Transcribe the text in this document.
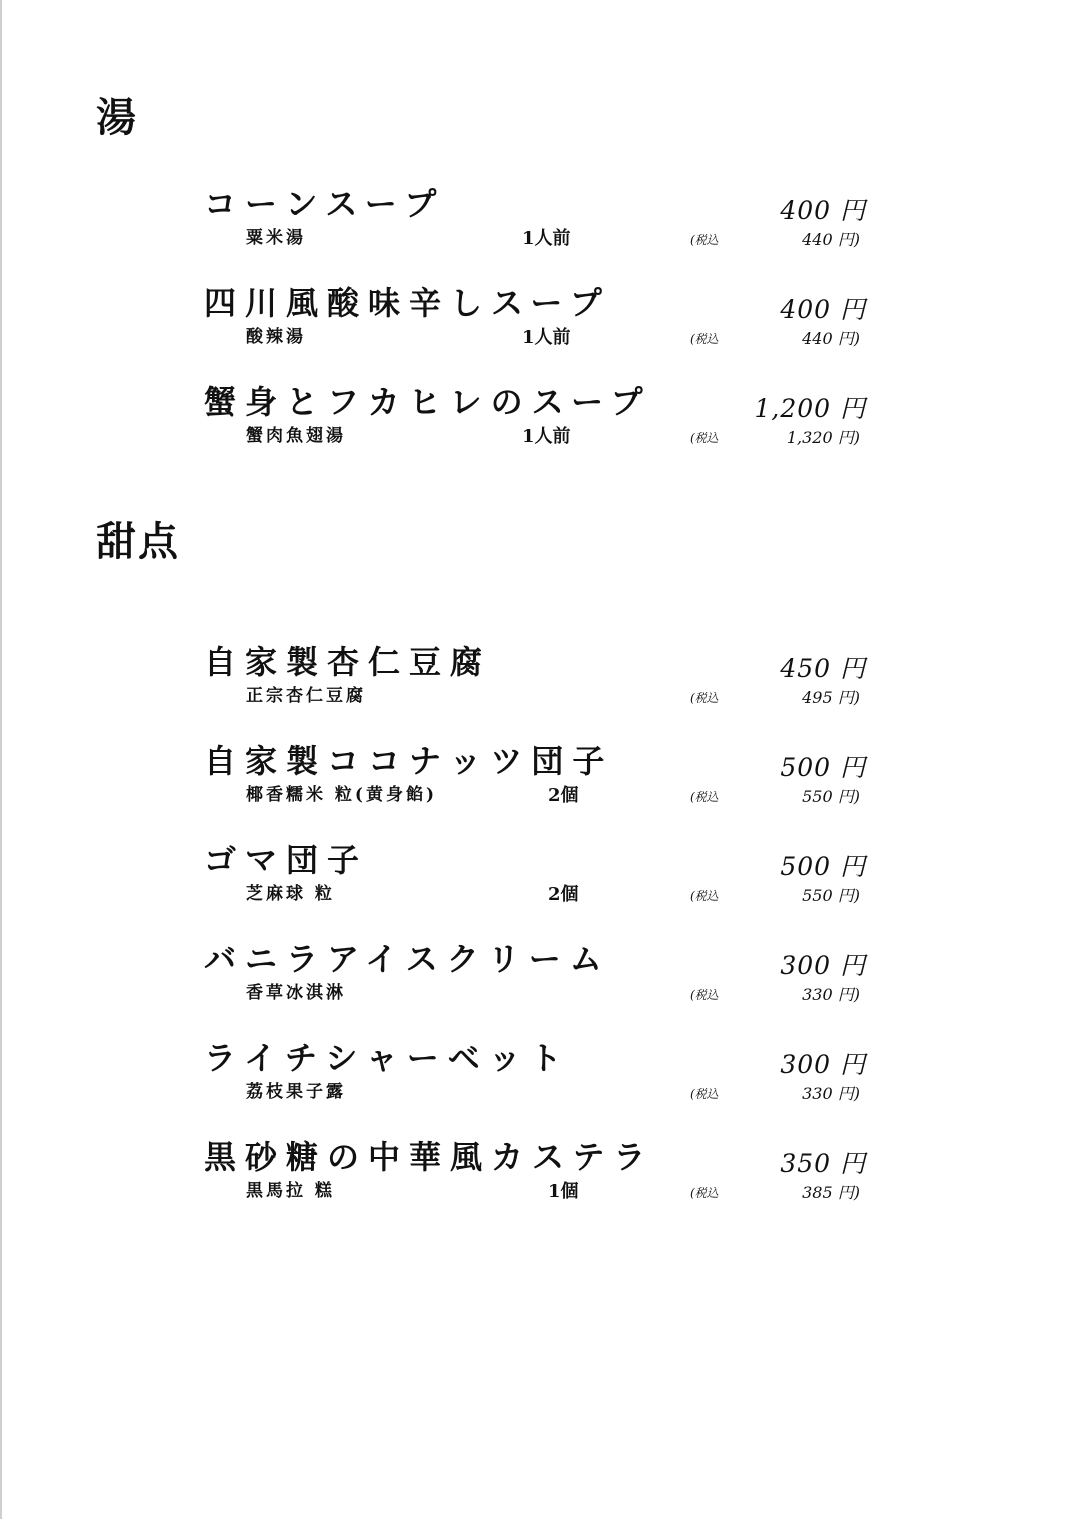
湯
コーンスープ	400 円
粟米湯	1人前	(税込	440 円)
四川風酸味辛しスープ	400 円
酸辣湯	1人前	(税込	440 円)
蟹身とフカヒレのスープ	1,200 円
蟹肉魚翅湯	1人前	(税込	1,320 円)
甜点
自家製杏仁豆腐	450 円
正宗杏仁豆腐	(税込	495 円)
自家製ココナッツ団子	500 円
椰香糯米 粒(黄身餡)	2個	(税込	550 円)
ゴマ団子	500 円
芝麻球 粒	2個	(税込	550 円)
バニラアイスクリーム	300 円
香草冰淇淋	(税込	330 円)
ライチシャーベット	300 円
荔枝果子露	(税込	330 円)
黒砂糖の中華風カステラ	350 円
黒馬拉 糕	1個	(税込	385 円)
